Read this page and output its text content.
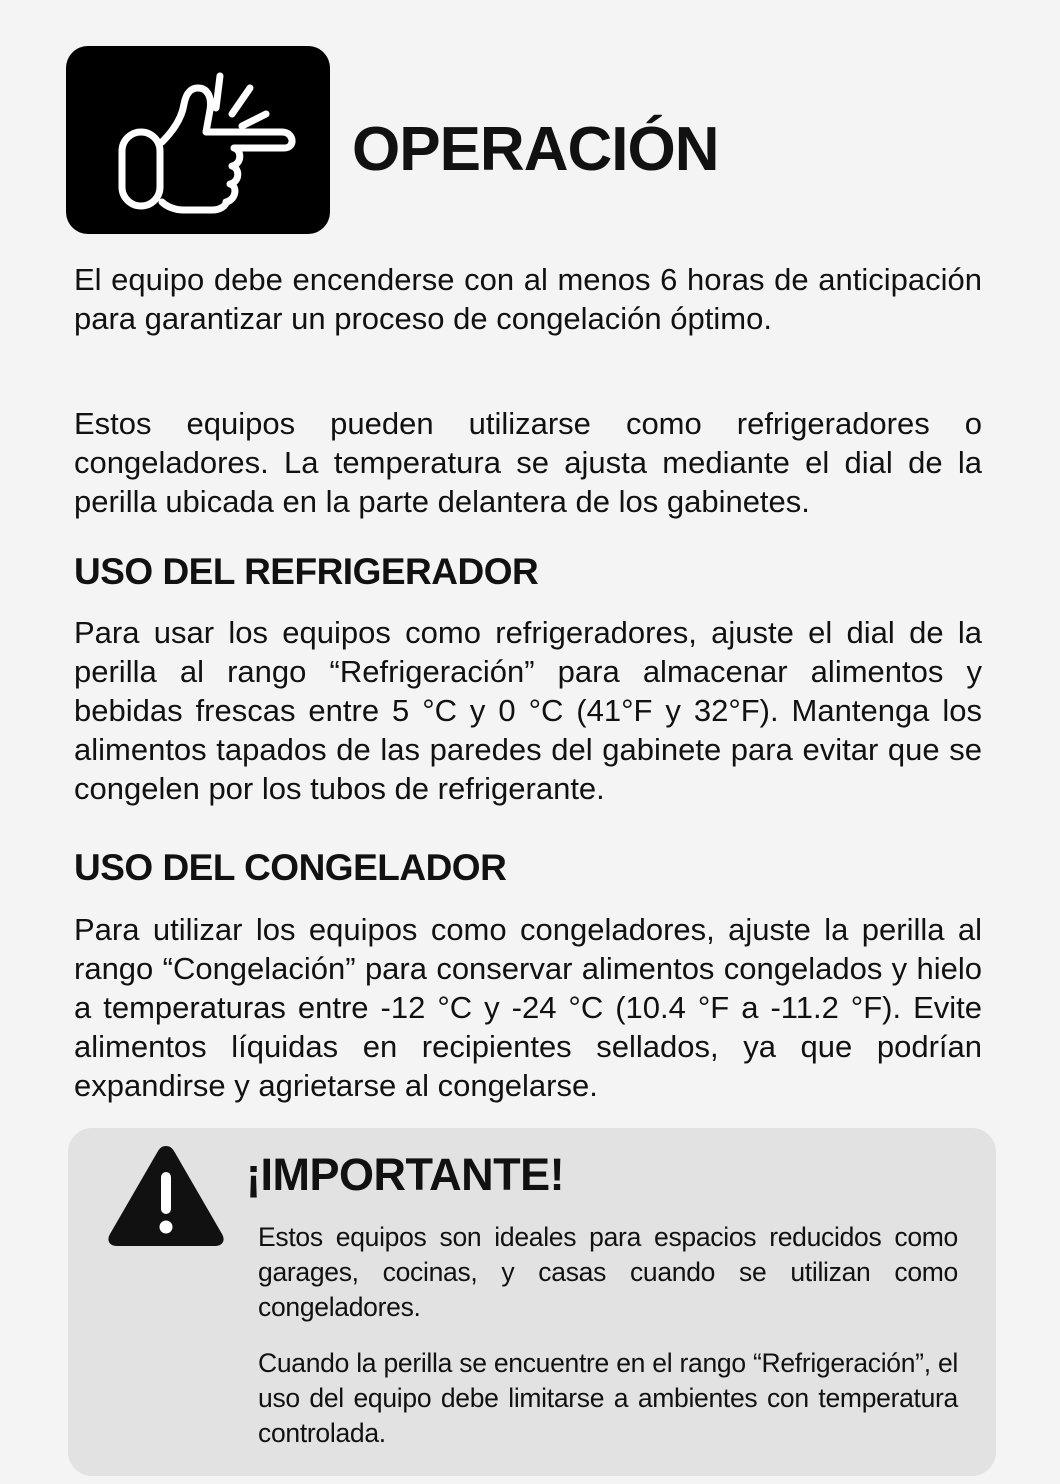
OPERACIÓN

El equipo debe encenderse con al menos 6 horas de anticipación para garantizar un proceso de congelación óptimo.

Estos equipos pueden utilizarse como refrigeradores o congeladores. La temperatura se ajusta mediante el dial de la perilla ubicada en la parte delantera de los gabinetes.

USO DEL REFRIGERADOR

Para usar los equipos como refrigeradores, ajuste el dial de la perilla al rango “Refrigeración” para almacenar alimentos y bebidas frescas entre 5 °C y 0 °C (41°F y 32°F). Mantenga los alimentos tapados de las paredes del gabinete para evitar que se congelen por los tubos de refrigerante.

USO DEL CONGELADOR

Para utilizar los equipos como congeladores, ajuste la perilla al rango “Congelación” para conservar alimentos congelados y hielo a temperaturas entre -12 °C y -24 °C (10.4 °F a -11.2 °F). Evite alimentos líquidas en recipientes sellados, ya que podrían expandirse y agrietarse al congelarse.

¡IMPORTANTE!

Estos equipos son ideales para espacios reducidos como garages, cocinas, y casas cuando se utilizan como congeladores.

Cuando la perilla se encuentre en el rango “Refrigeración”, el uso del equipo debe limitarse a ambientes con temperatura controlada.
